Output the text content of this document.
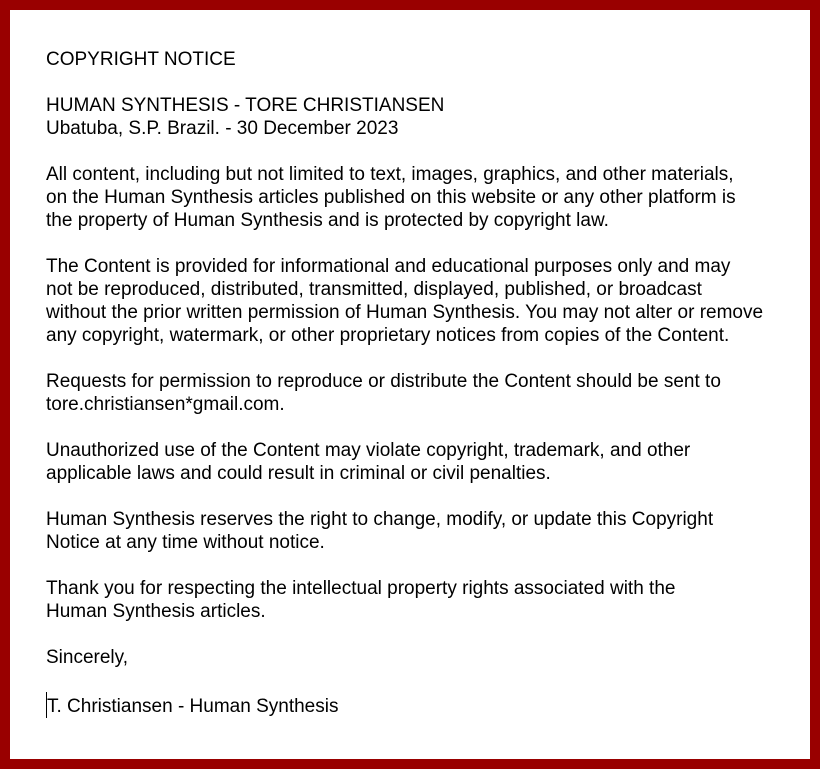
COPYRIGHT NOTICE
HUMAN SYNTHESIS - TORE CHRISTIANSEN
Ubatuba, S.P. Brazil. - 30 December 2023
All content, including but not limited to text, images, graphics, and other materials,
on the Human Synthesis articles published on this website or any other platform is
the property of Human Synthesis and is protected by copyright law.
The Content is provided for informational and educational purposes only and may
not be reproduced, distributed, transmitted, displayed, published, or broadcast
without the prior written permission of Human Synthesis. You may not alter or remove
any copyright, watermark, or other proprietary notices from copies of the Content.
Requests for permission to reproduce or distribute the Content should be sent to
tore.christiansen*gmail.com.
Unauthorized use of the Content may violate copyright, trademark, and other
applicable laws and could result in criminal or civil penalties.
Human Synthesis reserves the right to change, modify, or update this Copyright
Notice at any time without notice.
Thank you for respecting the intellectual property rights associated with the
Human Synthesis articles.
Sincerely,
T. Christiansen - Human Synthesis
